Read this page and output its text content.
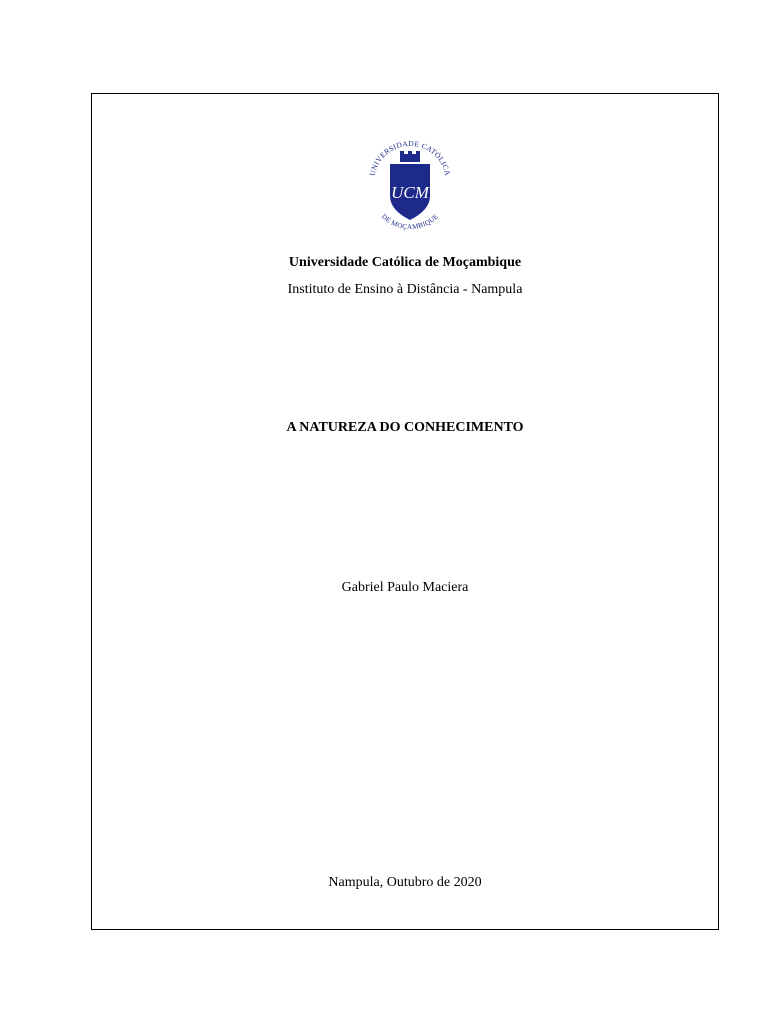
UNIVERSIDADE CATÓLICA
DE MOÇAMBIQUE
UCM
Universidade Católica de Moçambique
Instituto de Ensino à Distância - Nampula
A NATUREZA DO CONHECIMENTO
Gabriel Paulo Maciera
Nampula, Outubro de 2020
